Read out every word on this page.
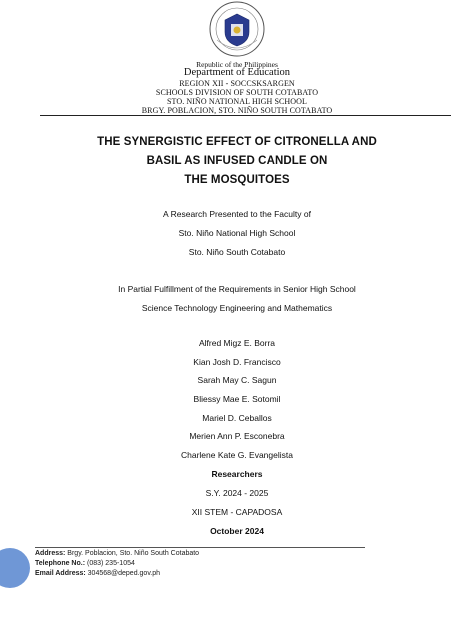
Republic of the Philippines
Department of Education
REGION XII - SOCCSKSARGEN
SCHOOLS DIVISION OF SOUTH COTABATO
STO. NIÑO NATIONAL HIGH SCHOOL
BRGY. POBLACION, STO. NIÑO SOUTH COTABATO
THE SYNERGISTIC EFFECT OF CITRONELLA AND
BASIL AS INFUSED CANDLE ON
THE MOSQUITOES
A Research Presented to the Faculty of
Sto. Niño National High School
Sto. Niño South Cotabato
In Partial Fulfillment of the Requirements in Senior High School
Science Technology Engineering and Mathematics
Alfred Migz E. Borra
Kian Josh D. Francisco
Sarah May C. Sagun
Bliessy Mae E. Sotomil
Mariel D. Ceballos
Merien Ann P. Esconebra
Charlene Kate G. Evangelista
Researchers
S.Y. 2024 - 2025
XII STEM - CAPADOSA
October 2024
Address: Brgy. Poblacion, Sto. Niño South Cotabato
Telephone No.: (083) 235-1054
Email Address: 304568@deped.gov.ph
